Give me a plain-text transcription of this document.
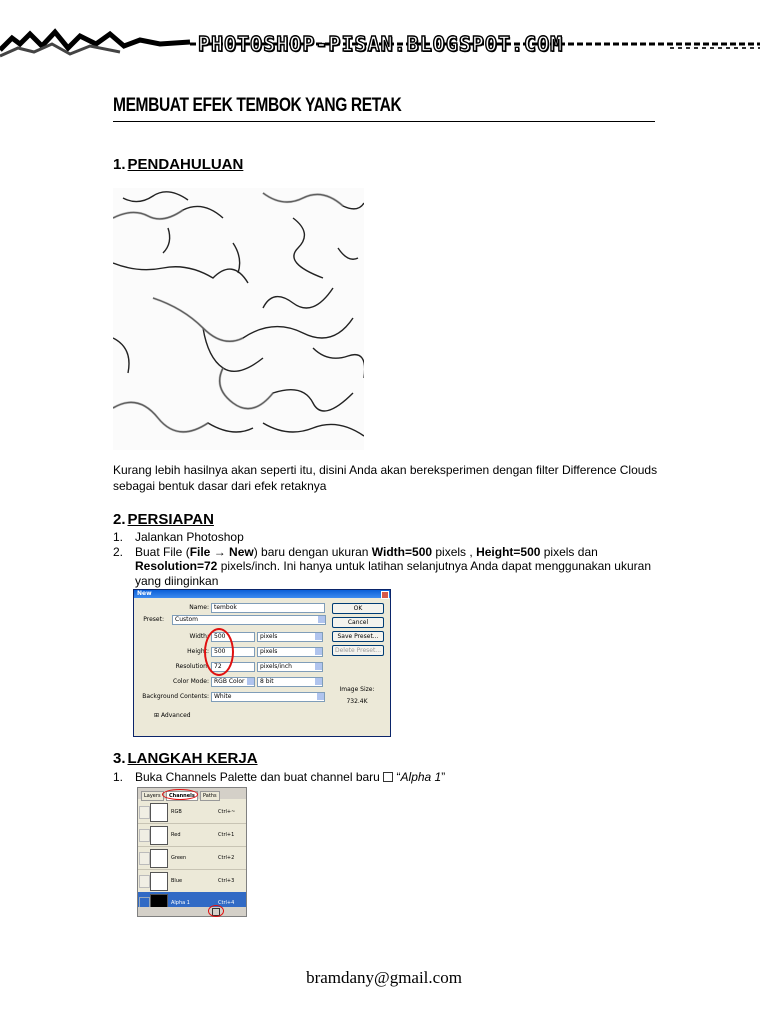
PHOTOSHOP-PISAN.BLOGSPOT.COM
MEMBUAT EFEK TEMBOK YANG RETAK
1. PENDAHULUAN
Kurang lebih hasilnya akan seperti itu, disini Anda akan bereksperimen dengan filter Difference Clouds sebagai bentuk dasar dari efek retaknya
2. PERSIAPAN
1. Jalankan Photoshop
2. Buat File (File → New) baru dengan ukuran Width=500 pixels , Height=500 pixels dan Resolution=72 pixels/inch. Ini hanya untuk latihan selanjutnya Anda dapat menggunakan ukuran yang diinginkan
New
Name: tembok
Preset:	Custom
Width: 500	pixels
Height: 500	pixels
Resolution: 72	pixels/inch
Color Mode: RGB Color	8 bit
Background Contents: White
⊞ Advanced
OK
Cancel
Save Preset...
Delete Preset...
Image Size:
732.4K
3. LANGKAH KERJA
1. Buka Channels Palette dan buat channel baru  “Alpha 1”
Layers	Channels	Paths
RGB	Ctrl+~
Red	Ctrl+1
Green	Ctrl+2
Blue	Ctrl+3
Alpha 1	Ctrl+4
bramdany@gmail.com
